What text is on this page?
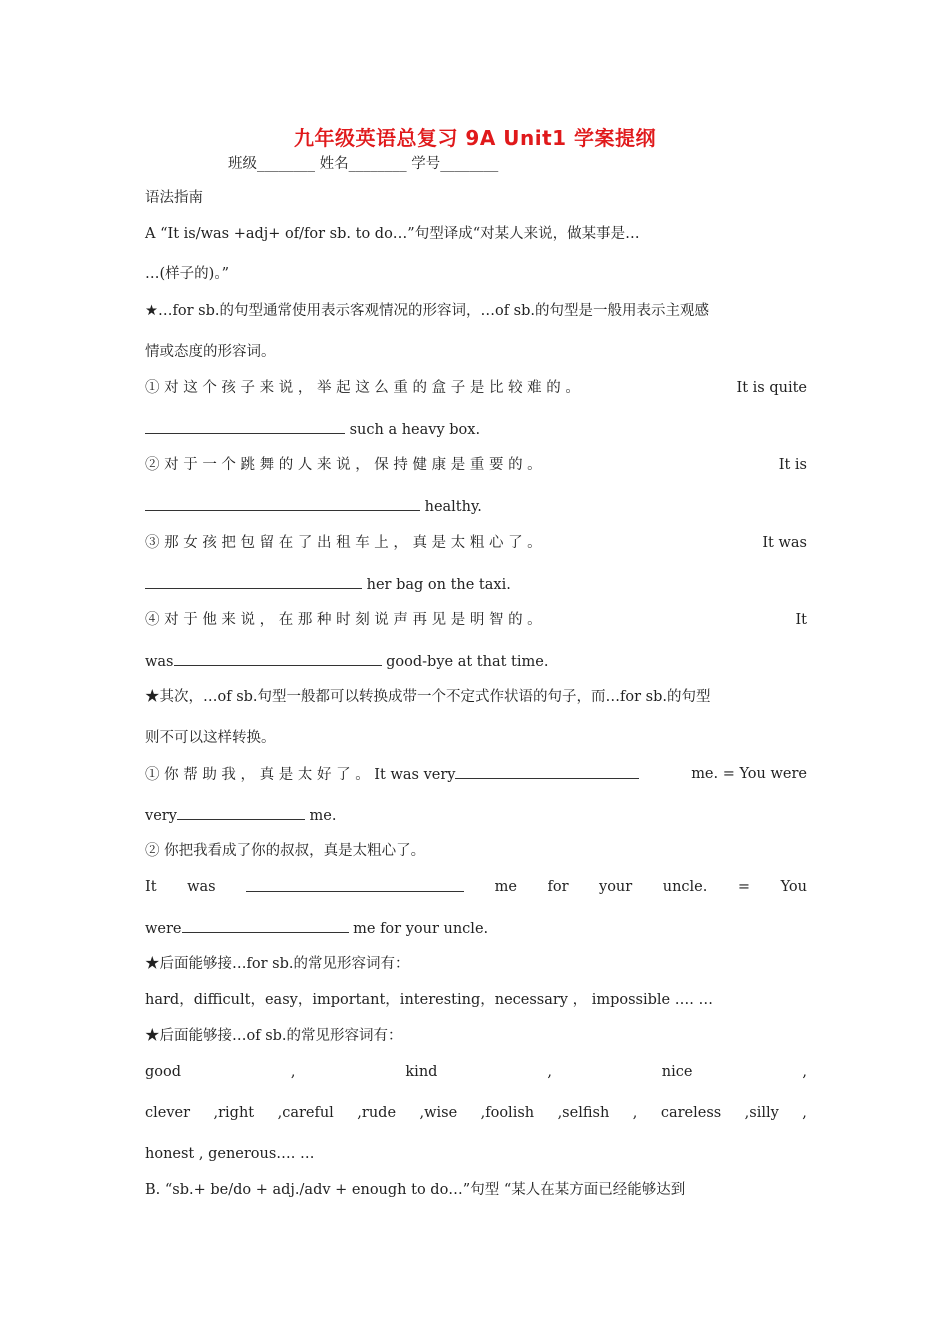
九年级英语总复习 9A Unit1 学案提纲
班级________ 姓名________ 学号________
语法指南
A “It is/was +adj+ of/for sb. to do…”句型译成“对某人来说，做某事是…
…(样子的)。”
★…for sb.的句型通常使用表示客观情况的形容词，…of sb.的句型是一般用表示主观感
情或态度的形容词。
① 对 这 个 孩 子 来 说 ， 举 起 这 么 重 的 盒 子 是 比 较 难 的 。	It is quite
such a heavy box.
② 对 于 一 个 跳 舞 的 人 来 说 ， 保 持 健 康 是 重 要 的 。	It is
healthy.
③ 那 女 孩 把 包 留 在 了 出 租 车 上 ， 真 是 太 粗 心 了 。	It was
her bag on the taxi.
④ 对 于 他 来 说 ， 在 那 种 时 刻 说 声 再 见 是 明 智 的 。	It
was	good-bye at that time.
★其次，…of sb.句型一般都可以转换成带一个不定式作状语的句子，而…for sb.的句型
则不可以这样转换。
① 你 帮 助 我 ， 真 是 太 好 了 。 It was very	me. = You were
very	me.
② 你把我看成了你的叔叔，真是太粗心了。
It was	me for your uncle. = You
were	me for your uncle.
★后面能够接…for sb.的常见形容词有：
hard，difficult，easy，important，interesting，necessary ， impossible …. …
★后面能够接…of sb.的常见形容词有：
good	,	kind	,	nice	,
clever ,right ,careful ,rude ,wise ,foolish ,selfish , careless ,silly ,
honest , generous…. …
B. “sb.+ be/do + adj./adv + enough to do…”句型 “某人在某方面已经能够达到
